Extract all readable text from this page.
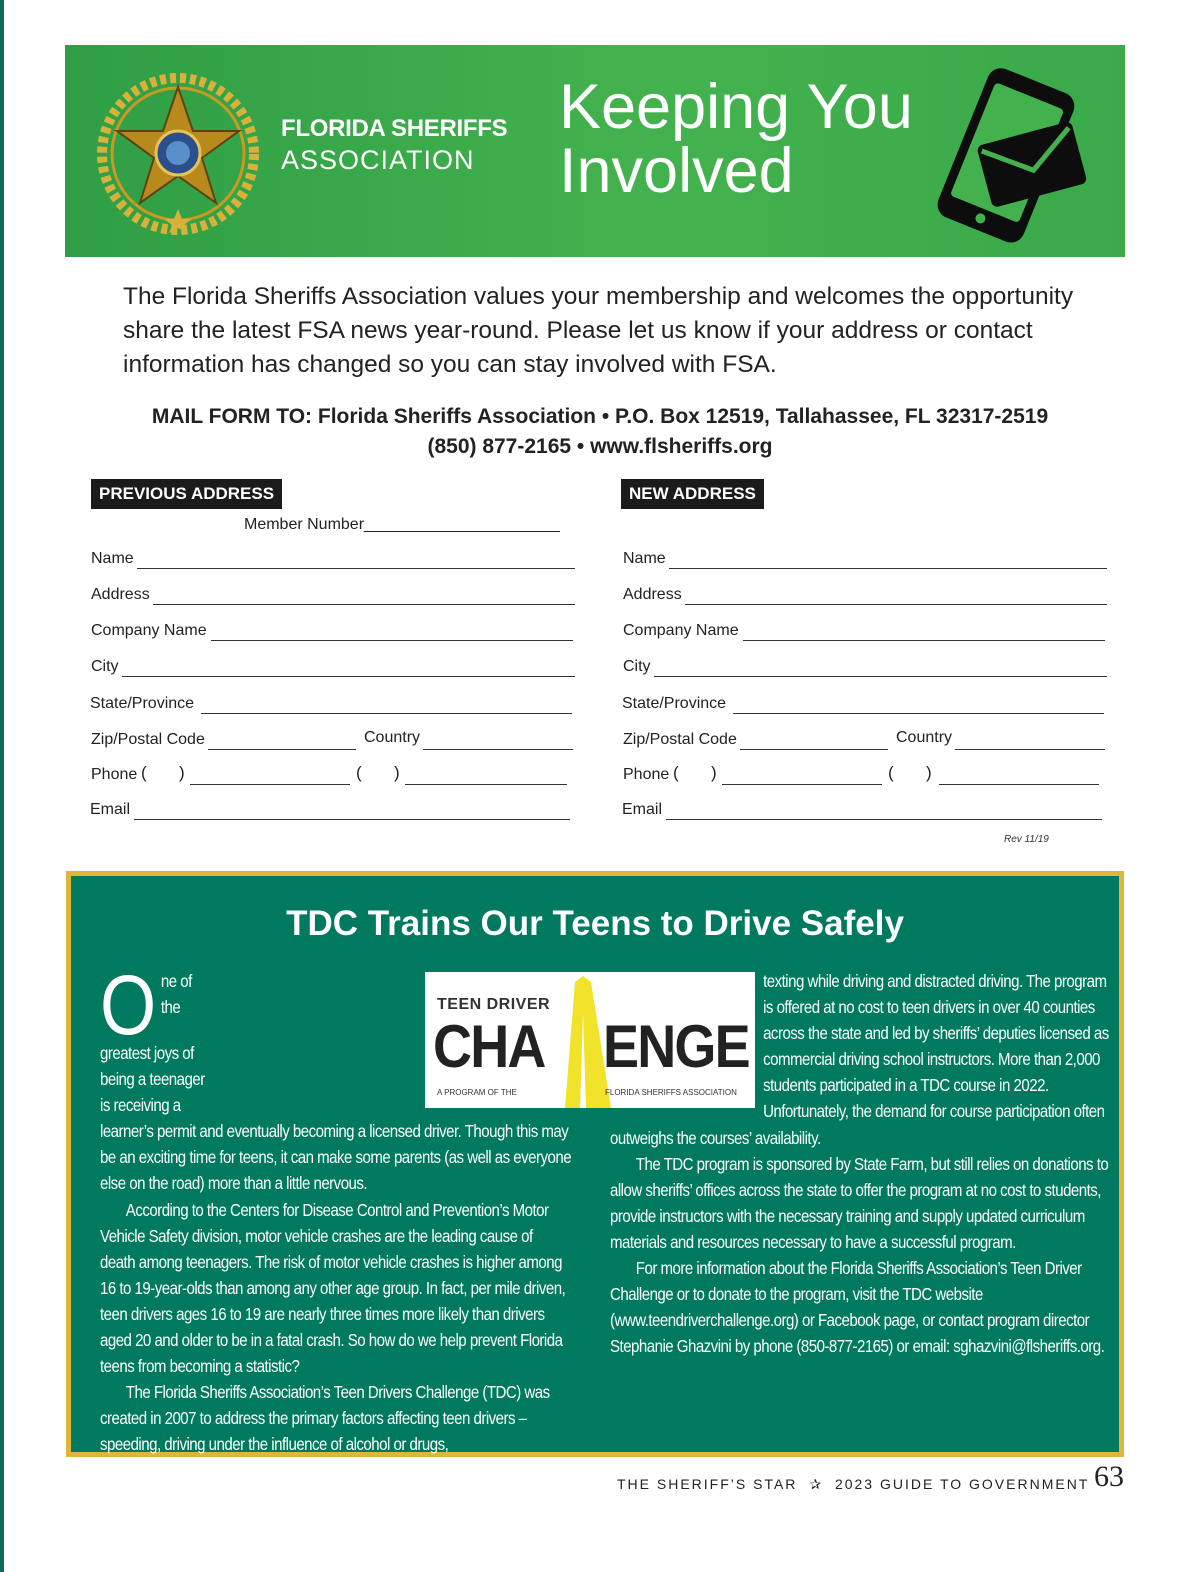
FLORIDA SHERIFFS
ASSOCIATION
Keeping You
Involved
The Florida Sheriffs Association values your membership and welcomes the opportunity share the latest FSA news year-round. Please let us know if your address or contact information has changed so you can stay involved with FSA.
MAIL FORM TO: Florida Sheriffs Association • P.O. Box 12519, Tallahassee, FL 32317-2519
(850) 877-2165 • www.flsheriffs.org
PREVIOUS ADDRESS
Member Number______________________
Name
Address
Company Name
City
State/Province
Zip/Postal Code	Country
Phone ( )	( )
Email
NEW ADDRESS
Name
Address
Company Name
City
State/Province
Zip/Postal Code	Country
Phone ( )	( )
Email
Rev 11/19
TDC Trains Our Teens to Drive Safely
TEEN DRIVER
CHA ENGE
A PROGRAM OF THE	FLORIDA SHERIFFS ASSOCIATION

One of the greatest joys of being a teenager is receiving a learner’s permit and eventually becoming a licensed driver. Though this may be an exciting time for teens, it can make some parents (as well as everyone else on the road) more than a little nervous.

According to the Centers for Disease Control and Prevention’s Motor Vehicle Safety division, motor vehicle crashes are the leading cause of death among teenagers. The risk of motor vehicle crashes is higher among 16 to 19-year-olds than among any other age group. In fact, per mile driven, teen drivers ages 16 to 19 are nearly three times more likely than drivers aged 20 and older to be in a fatal crash. So how do we help prevent Florida teens from becoming a statistic?

The Florida Sheriffs Association’s Teen Drivers Challenge (TDC) was created in 2007 to address the primary factors affecting teen drivers – speeding, driving under the influence of alcohol or drugs,

texting while driving and distracted driving. The program is offered at no cost to teen drivers in over 40 counties across the state and led by sheriffs’ deputies licensed as commercial driving school instructors. More than 2,000 students participated in a TDC course in 2022. Unfortunately, the demand for course participation often outweighs the courses’ availability.

The TDC program is sponsored by State Farm, but still relies on donations to allow sheriffs’ offices across the state to offer the program at no cost to students, provide instructors with the necessary training and supply updated curriculum materials and resources necessary to have a successful program.

For more information about the Florida Sheriffs Association’s Teen Driver Challenge or to donate to the program, visit the TDC website (www.teendriverchallenge.org) or Facebook page, or contact program director Stephanie Ghazvini by phone (850-877-2165) or email: sghazvini@flsheriffs.org.

THE SHERIFF’S STAR ✰ 2023 GUIDE TO GOVERNMENT 63
